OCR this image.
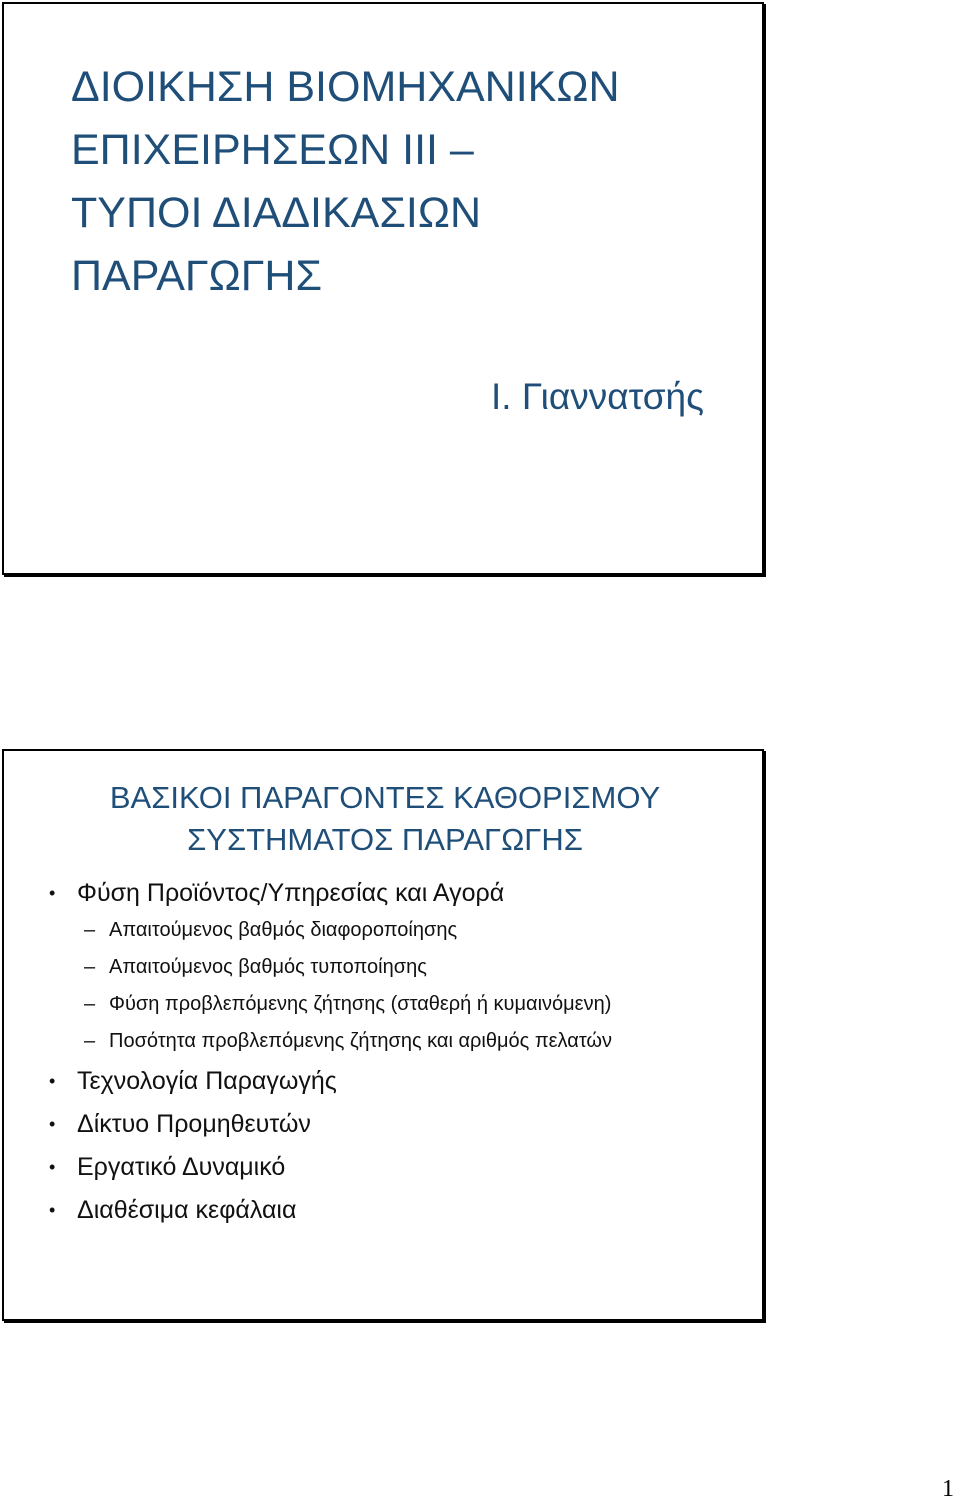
ΔΙΟΙΚΗΣΗ ΒΙΟΜΗΧΑΝΙΚΩΝ
ΕΠΙΧΕΙΡΗΣΕΩΝ ΙΙΙ –
ΤΥΠΟΙ ΔΙΑΔΙΚΑΣΙΩΝ
ΠΑΡΑΓΩΓΗΣ
Ι. Γιαννατσής
ΒΑΣΙΚΟΙ ΠΑΡΑΓΟΝΤΕΣ ΚΑΘΟΡΙΣΜΟΥ
ΣΥΣΤΗΜΑΤΟΣ ΠΑΡΑΓΩΓΗΣ
• Φύση Προϊόντος/Υπηρεσίας και Αγορά
– Απαιτούμενος βαθμός διαφοροποίησης
– Απαιτούμενος βαθμός τυποποίησης
– Φύση προβλεπόμενης ζήτησης (σταθερή ή κυμαινόμενη)
– Ποσότητα προβλεπόμενης ζήτησης και αριθμός πελατών
• Τεχνολογία Παραγωγής
• Δίκτυο Προμηθευτών
• Εργατικό Δυναμικό
• Διαθέσιμα κεφάλαια
1
